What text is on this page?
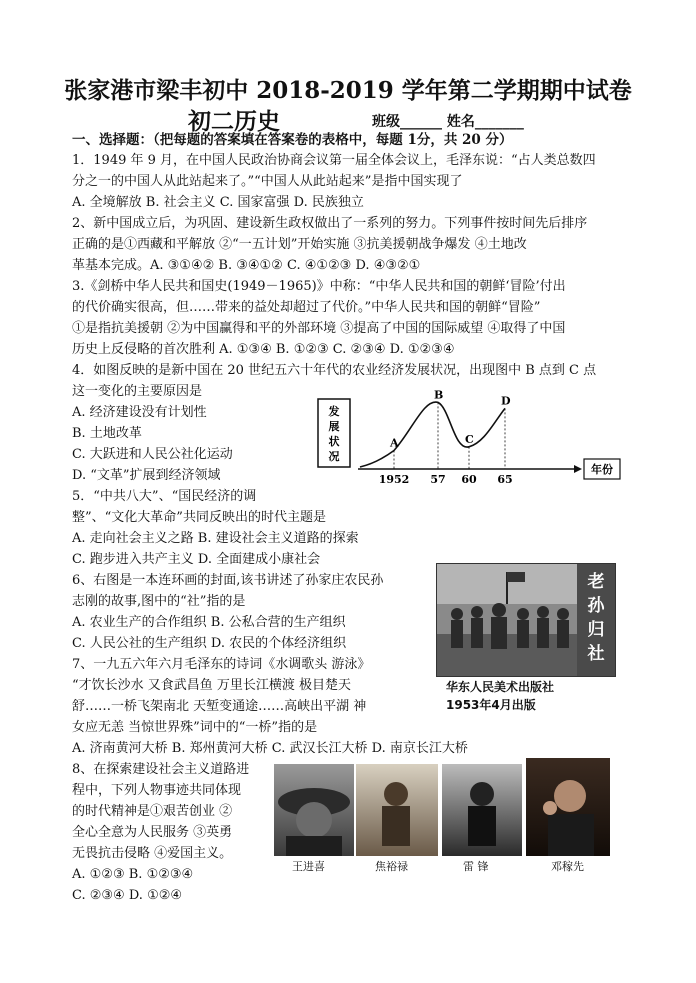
张家港市梁丰初中 2018-2019 学年第二学期期中试卷
初二历史	班级______ 姓名_______
一、选择题：（把每题的答案填在答案卷的表格中，每题 1分，共 20 分）
1．1949 年 9 月，在中国人民政治协商会议第一届全体会议上，毛泽东说：“占人类总数四
分之一的中国人从此站起来了。”“中国人从此站起来”是指中国实现了
A. 全境解放 B. 社会主义 C. 国家富强 D. 民族独立
2、新中国成立后，为巩固、建设新生政权做出了一系列的努力。下列事件按时间先后排序
正确的是①西藏和平解放 ②“一五计划”开始实施 ③抗美援朝战争爆发 ④土地改
革基本完成。A. ③①④② B. ③④①② C. ④①②③ D. ④③②①
3.《剑桥中华人民共和国史(1949－1965)》中称：“中华人民共和国的朝鲜‘冒险’付出
的代价确实很高，但……带来的益处却超过了代价。”中华人民共和国的朝鲜“冒险”
①是指抗美援朝 ②为中国赢得和平的外部环境 ③提高了中国的国际威望 ④取得了中国
历史上反侵略的首次胜利 A. ①③④ B. ①②③ C. ②③④ D. ①②③④
4．如图反映的是新中国在 20 世纪五六十年代的农业经济发展状况，出现图中 B 点到 C 点
这一变化的主要原因是
A. 经济建设没有计划性
B. 土地改革
C. 大跃进和人民公社化运动
D. “文革”扩展到经济领域
5．“中共八大”、“国民经济的调
整”、“文化大革命”共同反映出的时代主题是
A. 走向社会主义之路 B. 建设社会主义道路的探索
C. 跑步进入共产主义 D. 全面建成小康社会
6、右图是一本连环画的封面,该书讲述了孙家庄农民孙
志刚的故事,图中的“社”指的是
A. 农业生产的合作组织 B. 公私合营的生产组织
C. 人民公社的生产组织 D. 农民的个体经济组织
7、一九五六年六月毛泽东的诗词《水调歌头 游泳》
“才饮长沙水 又食武昌鱼 万里长江横渡 极目楚天
舒……一桥飞架南北 天堑变通途……高峡出平湖 神
女应无恙 当惊世界殊”词中的“一桥”指的是
A. 济南黄河大桥 B. 郑州黄河大桥 C. 武汉长江大桥 D. 南京长江大桥
8、在探索建设社会主义道路进
程中，下列人物事迹共同体现
的时代精神是①艰苦创业 ②
全心全意为人民服务 ③英勇
无畏抗击侵略 ④爱国主义。
A. ①②③ B. ①②③④
C. ②③④ D. ①②④
发展状况
年份
A
1952
B
57
C
60
D
65
老
孙
归
社
华东人民美术出版社
1953年4月出版
王进喜	焦裕禄	雷 锋	邓稼先
